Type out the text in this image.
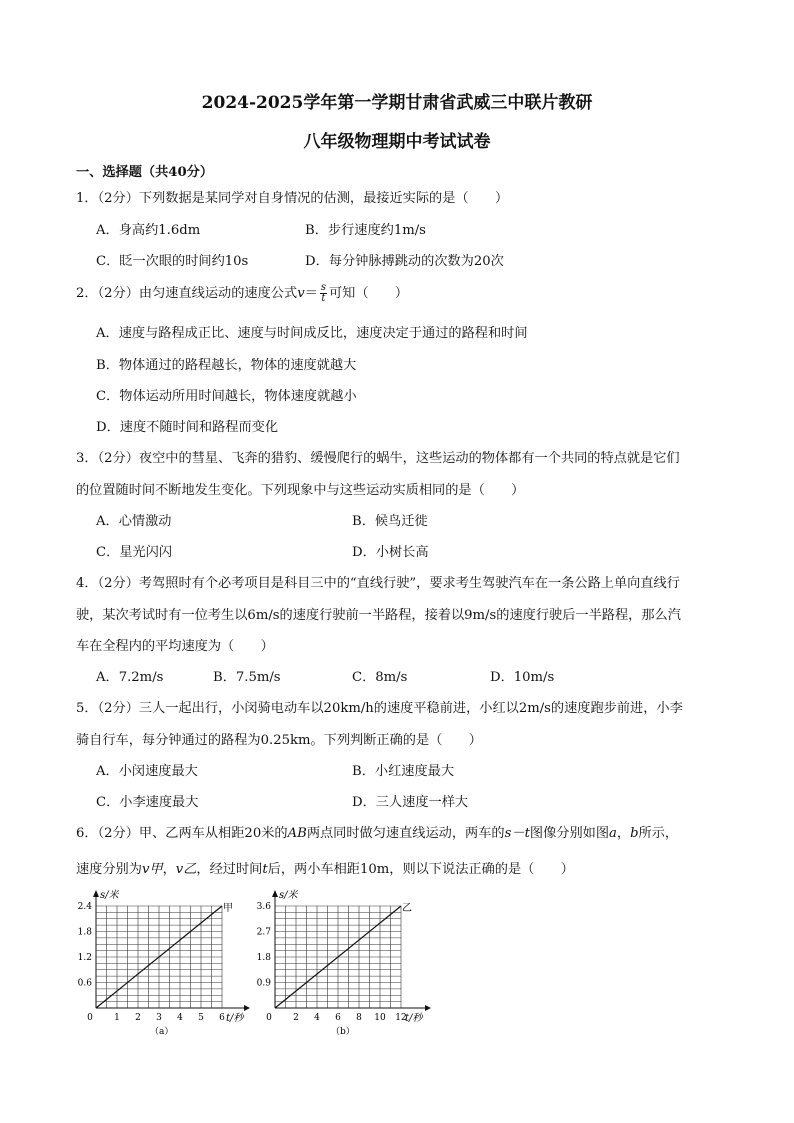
2024-2025学年第一学期甘肃省武威三中联片教研
八年级物理期中考试试卷
一、选择题（共40分）
1．（2分）下列数据是某同学对自身情况的估测，最接近实际的是（　　）
A．身高约1.6dm	B．步行速度约1m/s
C．眨一次眼的时间约10s	D．每分钟脉搏跳动的次数为20次
2．（2分）由匀速直线运动的速度公式$v= \frac{s}{t}$ 可知（　　）
A．速度与路程成正比、速度与时间成反比，速度决定于通过的路程和时间
B．物体通过的路程越长，物体的速度就越大
C．物体运动所用时间越长，物体速度就越小
D．速度不随时间和路程而变化
3．（2分）夜空中的彗星、飞奔的猎豹、缓慢爬行的蜗牛，这些运动的物体都有一个共同的特点就是它们
的位置随时间不断地发生变化。下列现象中与这些运动实质相同的是（　　）
A．心情激动	B．候鸟迁徙
C．星光闪闪	D．小树长高
4．（2分）考驾照时有个必考项目是科目三中的“直线行驶”，要求考生驾驶汽车在一条公路上单向直线行
驶，某次考试时有一位考生以6m/s的速度行驶前一半路程，接着以9m/s的速度行驶后一半路程，那么汽
车在全程内的平均速度为（　　）
A．7.2m/s	B．7.5m/s	C．8m/s	D．10m/s
5．（2分）三人一起出行，小闵骑电动车以20km/h的速度平稳前进，小红以2m/s的速度跑步前进，小李
骑自行车，每分钟通过的路程为0.25km。下列判断正确的是（　　）
A．小闵速度最大	B．小红速度最大
C．小李速度最大	D．三人速度一样大
6．（2分）甲、乙两车从相距20米的AB两点同时做匀速直线运动，两车的s－t图像分别如图a，b所示，
速度分别为v甲，v乙，经过时间t后，两小车相距10m，则以下说法正确的是（　　）
s/米
t/秒
甲
2.4
1.8
1.2
0.6
0 1 2 3 4 5 6
（a）
s/米
t/秒
乙
3.6
2.7
1.8
0.9
0 2 4 6 8 10 12
（b）
